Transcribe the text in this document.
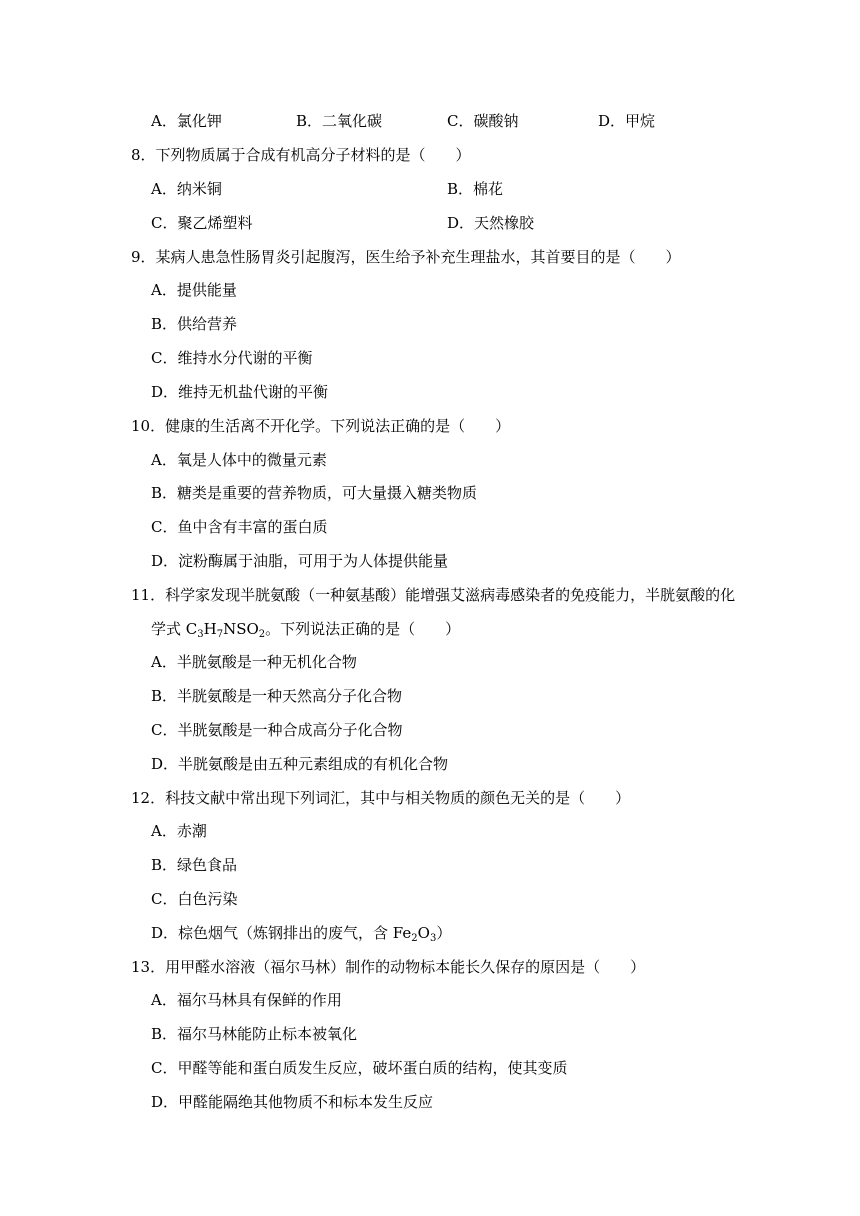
A．氯化钾	B．二氧化碳	C．碳酸钠	D．甲烷
8．下列物质属于合成有机高分子材料的是（　　）
A．纳米铜	B．棉花
C．聚乙烯塑料	D．天然橡胶
9．某病人患急性肠胃炎引起腹泻，医生给予补充生理盐水，其首要目的是（　　）
A．提供能量
B．供给营养
C．维持水分代谢的平衡
D．维持无机盐代谢的平衡
10．健康的生活离不开化学。下列说法正确的是（　　）
A．氧是人体中的微量元素
B．糖类是重要的营养物质，可大量摄入糖类物质
C．鱼中含有丰富的蛋白质
D．淀粉酶属于油脂，可用于为人体提供能量
11．科学家发现半胱氨酸（一种氨基酸）能增强艾滋病毒感染者的免疫能力，半胱氨酸的化
学式 $C_3H_7NSO_2$。下列说法正确的是（　　）
A．半胱氨酸是一种无机化合物
B．半胱氨酸是一种天然高分子化合物
C．半胱氨酸是一种合成高分子化合物
D．半胱氨酸是由五种元素组成的有机化合物
12．科技文献中常出现下列词汇，其中与相关物质的颜色无关的是（　　）
A．赤潮
B．绿色食品
C．白色污染
D．棕色烟气（炼钢排出的废气，含 $Fe_2O_3$）
13．用甲醛水溶液（福尔马林）制作的动物标本能长久保存的原因是（　　）
A．福尔马林具有保鲜的作用
B．福尔马林能防止标本被氧化
C．甲醛等能和蛋白质发生反应，破坏蛋白质的结构，使其变质
D．甲醛能隔绝其他物质不和标本发生反应
